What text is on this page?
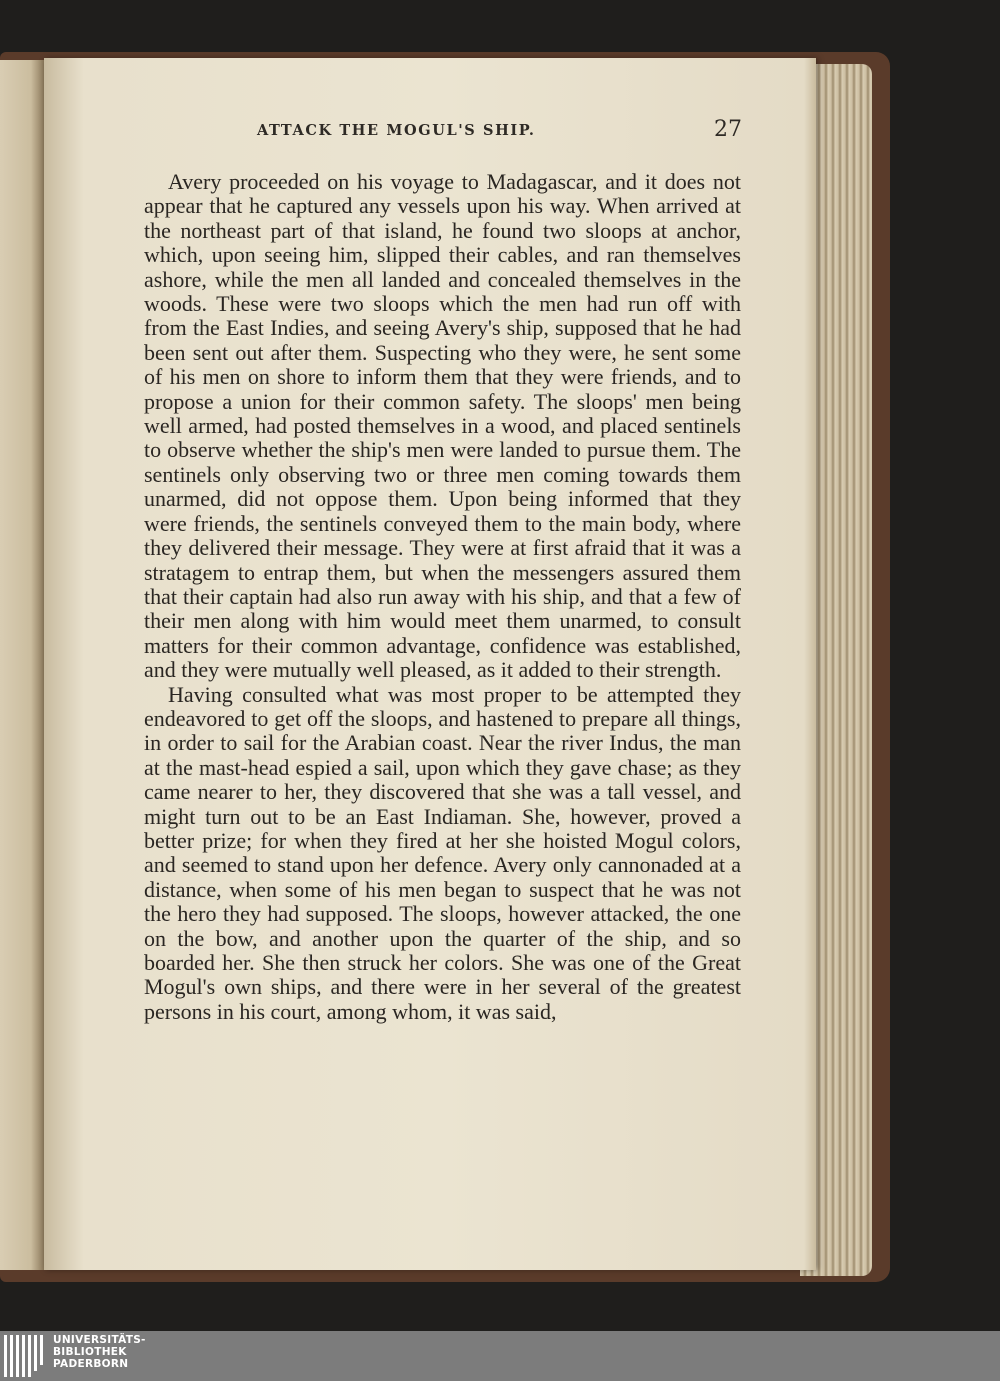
ATTACK THE MOGUL'S SHIP.	27

Avery proceeded on his voyage to Madagascar, and it does not appear that he captured any vessels upon his way. When arrived at the northeast part of that island, he found two sloops at anchor, which, upon seeing him, slipped their cables, and ran themselves ashore, while the men all landed and concealed themselves in the woods. These were two sloops which the men had run off with from the East Indies, and seeing Avery's ship, supposed that he had been sent out after them. Suspecting who they were, he sent some of his men on shore to inform them that they were friends, and to propose a union for their common safety. The sloops' men being well armed, had posted themselves in a wood, and placed sentinels to observe whether the ship's men were landed to pursue them. The sentinels only observing two or three men coming towards them unarmed, did not oppose them. Upon being informed that they were friends, the sentinels conveyed them to the main body, where they delivered their message. They were at first afraid that it was a stratagem to entrap them, but when the messengers assured them that their captain had also run away with his ship, and that a few of their men along with him would meet them unarmed, to consult matters for their common advantage, confidence was established, and they were mutually well pleased, as it added to their strength.

Having consulted what was most proper to be attempted they endeavored to get off the sloops, and hastened to prepare all things, in order to sail for the Arabian coast. Near the river Indus, the man at the mast-head espied a sail, upon which they gave chase; as they came nearer to her, they discovered that she was a tall vessel, and might turn out to be an East Indiaman. She, however, proved a better prize; for when they fired at her she hoisted Mogul colors, and seemed to stand upon her defence. Avery only cannonaded at a distance, when some of his men began to suspect that he was not the hero they had supposed. The sloops, however attacked, the one on the bow, and another upon the quarter of the ship, and so boarded her. She then struck her colors. She was one of the Great Mogul's own ships, and there were in her several of the greatest persons in his court, among whom, it was said,

UNIVERSITÄTS-
BIBLIOTHEK
PADERBORN
